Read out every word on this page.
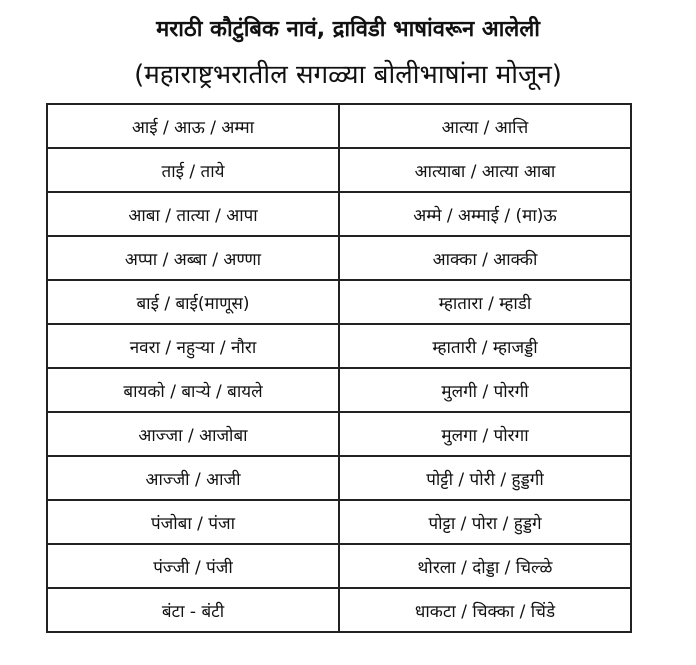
मराठी कौटुंबिक नावं, द्राविडी भाषांवरून आलेली
(महाराष्ट्रभरातील सगळ्या बोलीभाषांना मोजून)
आई / आऊ / अम्मा	आत्या / आत्ति
ताई / ताये	आत्याबा / आत्या आबा
आबा / तात्या / आपा	अम्मे / अम्माई / (मा)ऊ
अप्पा / अब्बा / अण्णा	आक्का / आक्की
बाई / बाई(माणूस)	म्हातारा / म्हाडी
नवरा / नहुऱ्या / नौरा	म्हातारी / म्हाजड्डी
बायको / बाऱ्ये / बायले	मुलगी / पोरगी
आज्जा / आजोबा	मुलगा / पोरगा
आज्जी / आजी	पोट्टी / पोरी / हुड्डगी
पंजोबा / पंजा	पोट्टा / पोरा / हुड्डगे
पंज्जी / पंजी	थोरला / दोड्डा / चिल्ळे
बंटा - बंटी	धाकटा / चिक्का / चिंडे
